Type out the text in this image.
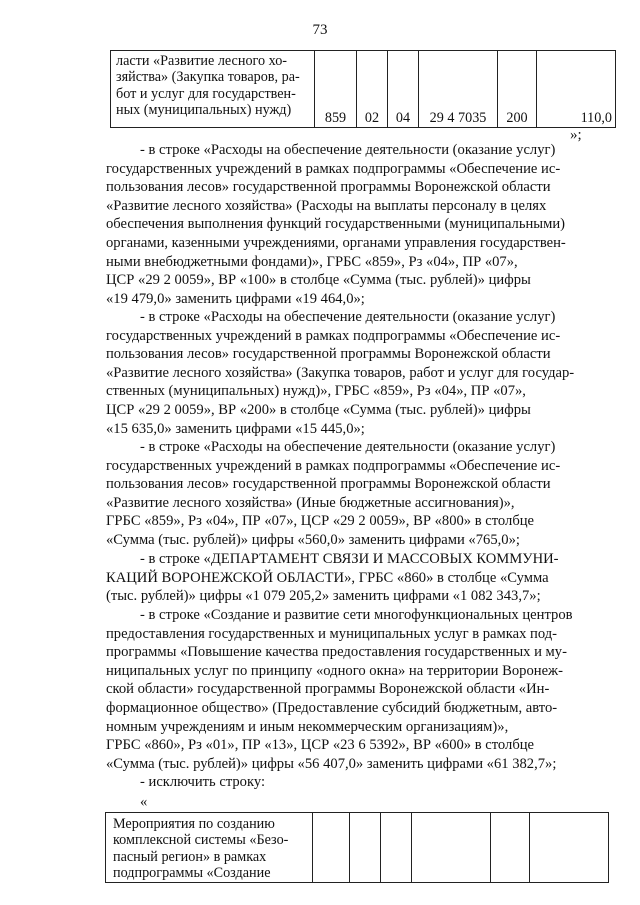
73
ласти «Развитие лесного хо-
зяйства» (Закупка товаров, ра-
бот и услуг для государствен-
ных (муниципальных) нужд)
	859	02	04	29 4 7035	200	110,0
»;
- в строке «Расходы на обеспечение деятельности (оказание услуг)
государственных учреждений в рамках подпрограммы «Обеспечение ис-
пользования лесов» государственной программы Воронежской области
«Развитие лесного хозяйства» (Расходы на выплаты персоналу в целях
обеспечения выполнения функций государственными (муниципальными)
органами, казенными учреждениями, органами управления государствен-
ными внебюджетными фондами)», ГРБС «859», Рз «04», ПР «07»,
ЦСР «29 2 0059», ВР «100» в столбце «Сумма (тыс. рублей)» цифры
«19 479,0» заменить цифрами «19 464,0»;
- в строке «Расходы на обеспечение деятельности (оказание услуг)
государственных учреждений в рамках подпрограммы «Обеспечение ис-
пользования лесов» государственной программы Воронежской области
«Развитие лесного хозяйства» (Закупка товаров, работ и услуг для государ-
ственных (муниципальных) нужд)», ГРБС «859», Рз «04», ПР «07»,
ЦСР «29 2 0059», ВР «200» в столбце «Сумма (тыс. рублей)» цифры
«15 635,0» заменить цифрами «15 445,0»;
- в строке «Расходы на обеспечение деятельности (оказание услуг)
государственных учреждений в рамках подпрограммы «Обеспечение ис-
пользования лесов» государственной программы Воронежской области
«Развитие лесного хозяйства» (Иные бюджетные ассигнования)»,
ГРБС «859», Рз «04», ПР «07», ЦСР «29 2 0059», ВР «800» в столбце
«Сумма (тыс. рублей)» цифры «560,0» заменить цифрами «765,0»;
- в строке «ДЕПАРТАМЕНТ СВЯЗИ И МАССОВЫХ КОММУНИ-
КАЦИЙ ВОРОНЕЖСКОЙ ОБЛАСТИ», ГРБС «860» в столбце «Сумма
(тыс. рублей)» цифры «1 079 205,2» заменить цифрами «1 082 343,7»;
- в строке «Создание и развитие сети многофункциональных центров
предоставления государственных и муниципальных услуг в рамках под-
программы «Повышение качества предоставления государственных и му-
ниципальных услуг по принципу «одного окна» на территории Воронеж-
ской области» государственной программы Воронежской области «Ин-
формационное общество» (Предоставление субсидий бюджетным, авто-
номным учреждениям и иным некоммерческим организациям)»,
ГРБС «860», Рз «01», ПР «13», ЦСР «23 6 5392», ВР «600» в столбце
«Сумма (тыс. рублей)» цифры «56 407,0» заменить цифрами «61 382,7»;
- исключить строку:
«
Мероприятия по созданию
комплексной системы «Безо-
пасный регион» в рамках
подпрограммы «Создание
